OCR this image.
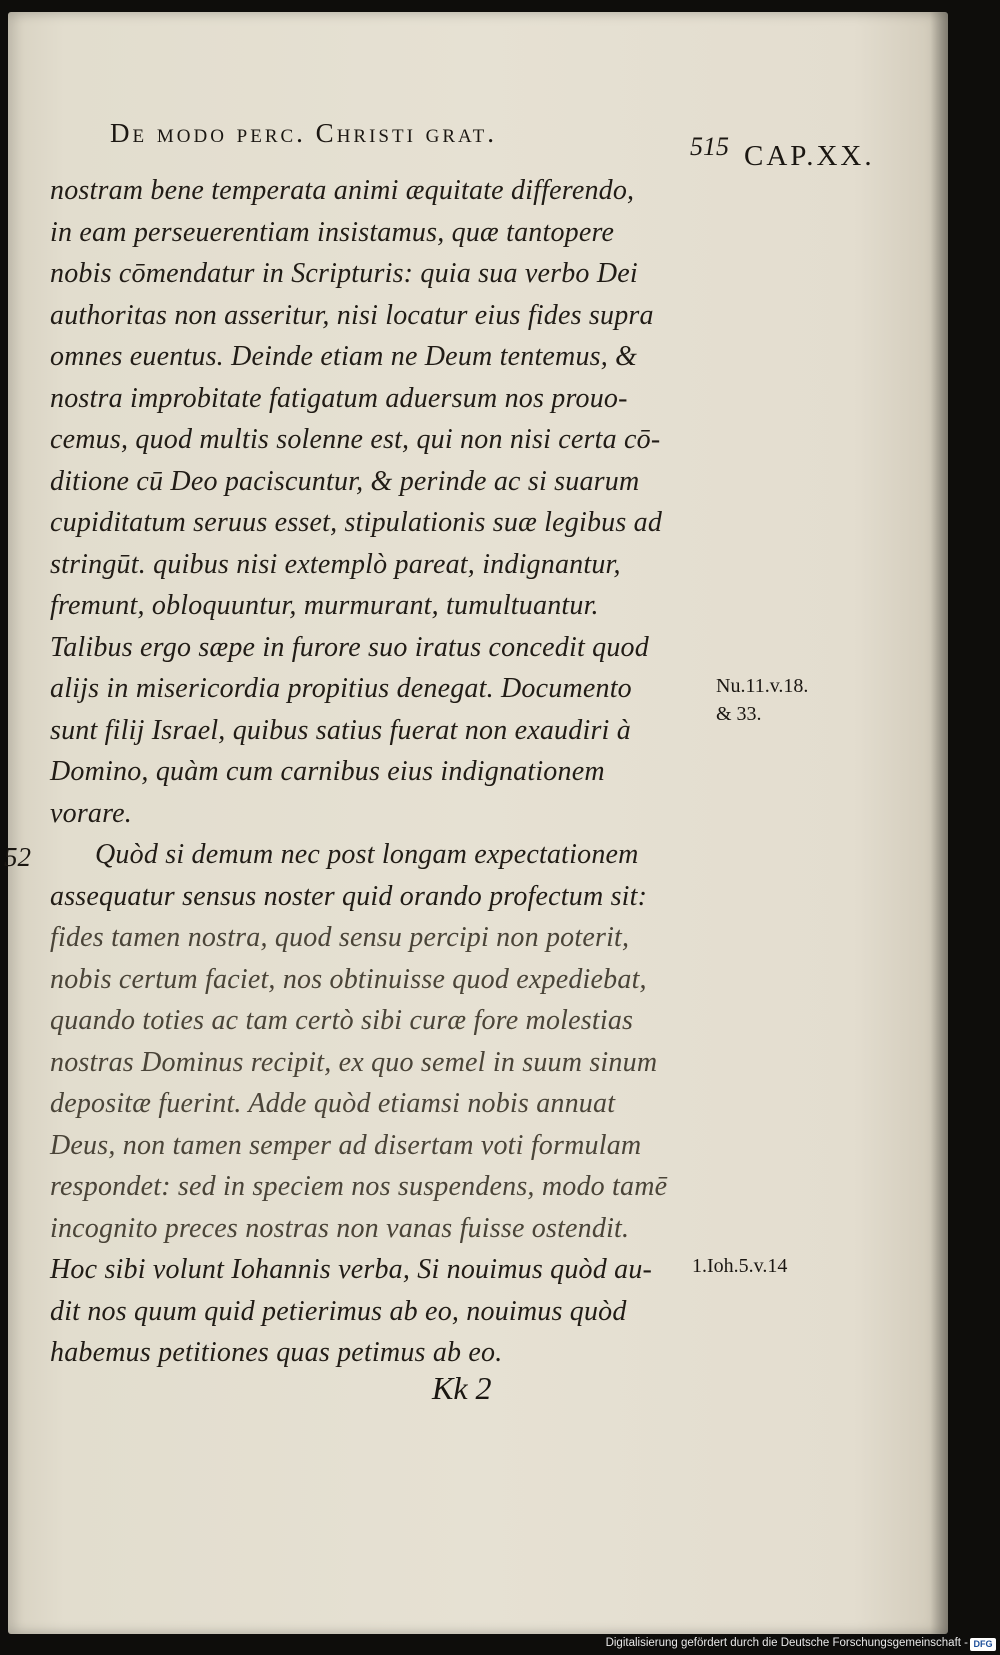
De modo perc. Christi grat.	515 CAP.XX.
nostram bene temperata animi æquitate differendo,
in eam perseuerentiam insistamus, quæ tantopere
nobis cōmendatur in Scripturis: quia sua verbo Dei
authoritas non asseritur, nisi locatur eius fides supra
omnes euentus. Deinde etiam ne Deum tentemus, &
nostra improbitate fatigatum aduersum nos prouo-
cemus, quod multis solenne est, qui non nisi certa cō-
ditione cū Deo paciscuntur, & perinde ac si suarum
cupiditatum seruus esset, stipulationis suæ legibus ad
stringūt. quibus nisi extemplò pareat, indignantur,
fremunt, obloquuntur, murmurant, tumultuantur.
Talibus ergo sæpe in furore suo iratus concedit quod
alijs in misericordia propitius denegat. Documento
sunt filij Israel, quibus satius fuerat non exaudiri à
Domino, quàm cum carnibus eius indignationem
vorare.
Quòd si demum nec post longam expectationem
assequatur sensus noster quid orando profectum sit:
fides tamen nostra, quod sensu percipi non poterit,
nobis certum faciet, nos obtinuisse quod expediebat,
quando toties ac tam certò sibi curæ fore molestias
nostras Dominus recipit, ex quo semel in suum sinum
depositæ fuerint. Adde quòd etiamsi nobis annuat
Deus, non tamen semper ad disertam voti formulam
respondet: sed in speciem nos suspendens, modo tamē
incognito preces nostras non vanas fuisse ostendit.
Hoc sibi volunt Iohannis verba, Si nouimus quòd au-
dit nos quum quid petierimus ab eo, nouimus quòd
habemus petitiones quas petimus ab eo.
52
Nu.11.v.18.
& 33.
1.Ioh.5.v.14
Kk 2
Digitalisierung gefördert durch die Deutsche Forschungsgemeinschaft - DFG
